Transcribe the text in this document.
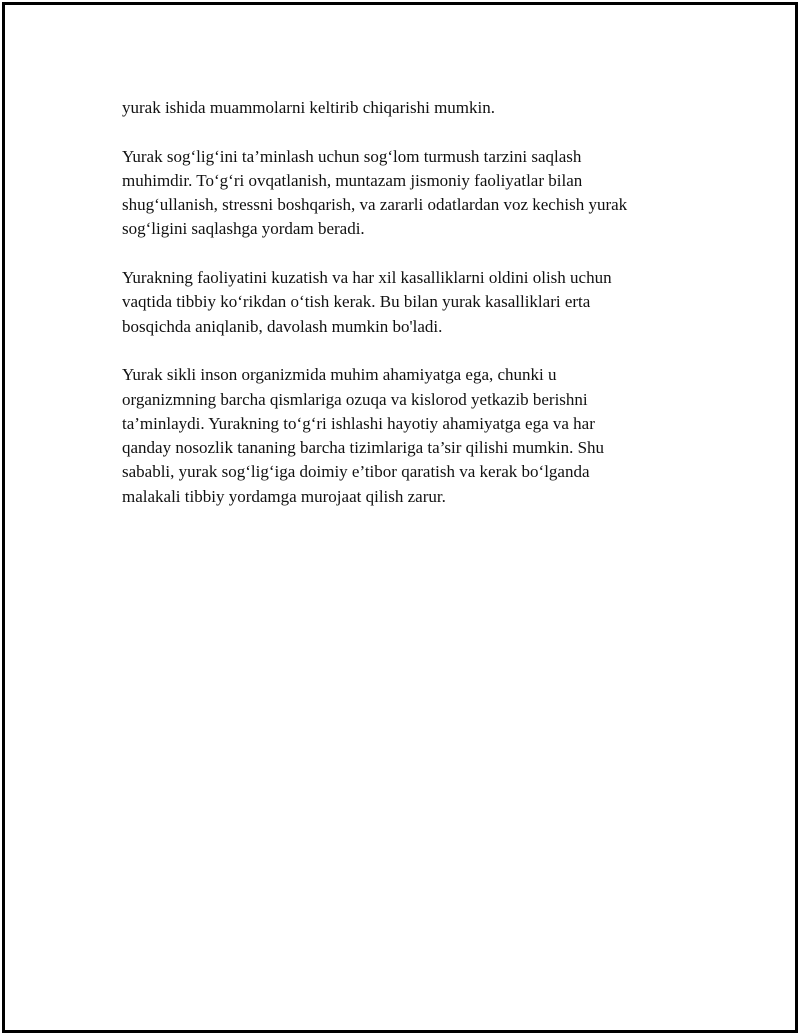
yurak ishida muammolarni keltirib chiqarishi mumkin.

Yurak sog‘lig‘ini ta’minlash uchun sog‘lom turmush tarzini saqlash
muhimdir. To‘g‘ri ovqatlanish, muntazam jismoniy faoliyatlar bilan
shug‘ullanish, stressni boshqarish, va zararli odatlardan voz kechish yurak
sog‘ligini saqlashga yordam beradi.

Yurakning faoliyatini kuzatish va har xil kasalliklarni oldini olish uchun
vaqtida tibbiy ko‘rikdan o‘tish kerak. Bu bilan yurak kasalliklari erta
bosqichda aniqlanib, davolash mumkin bo'ladi.

Yurak sikli inson organizmida muhim ahamiyatga ega, chunki u
organizmning barcha qismlariga ozuqa va kislorod yetkazib berishni
ta’minlaydi. Yurakning to‘g‘ri ishlashi hayotiy ahamiyatga ega va har
qanday nosozlik tananing barcha tizimlariga ta’sir qilishi mumkin. Shu
sababli, yurak sog‘lig‘iga doimiy e’tibor qaratish va kerak bo‘lganda
malakali tibbiy yordamga murojaat qilish zarur.
